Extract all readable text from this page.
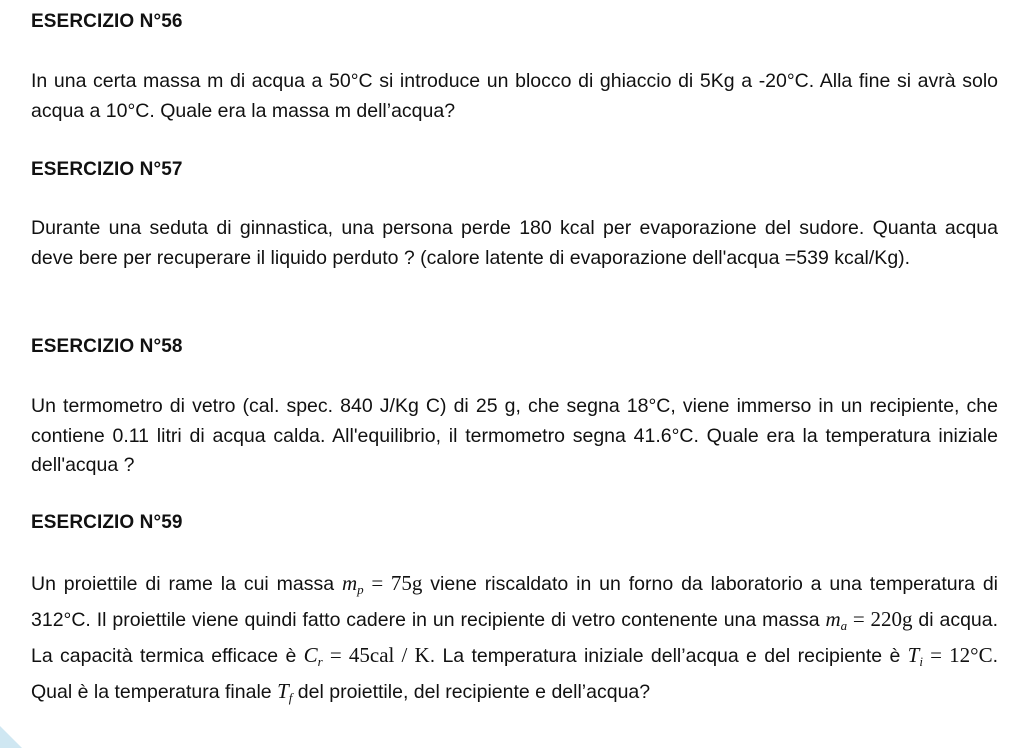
ESERCIZIO N°56
In una certa massa m di acqua a 50°C si introduce un blocco di ghiaccio di 5Kg a -20°C. Alla fine si avrà solo acqua a 10°C. Quale era la massa m dell’acqua?
ESERCIZIO N°57
Durante una seduta di ginnastica, una persona perde 180 kcal per evaporazione del sudore. Quanta acqua deve bere per recuperare il liquido perduto ? (calore latente di evaporazione dell'acqua =539 kcal/Kg).
ESERCIZIO N°58
Un termometro di vetro (cal. spec. 840 J/Kg C) di 25 g, che segna 18°C, viene immerso in un recipiente, che contiene 0.11 litri di acqua calda. All'equilibrio, il termometro segna 41.6°C. Quale era la temperatura iniziale dell'acqua ?
ESERCIZIO N°59
Un proiettile di rame la cui massa $m_p = 75g$ viene riscaldato in un forno da laboratorio a una temperatura di 312°C. Il proiettile viene quindi fatto cadere in un recipiente di vetro contenente una massa $m_a = 220g$ di acqua. La capacità termica efficace è $C_r = 45cal / K$. La temperatura iniziale dell’acqua e del recipiente è $T_i = 12^\circ C$. Qual è la temperatura finale $T_f$ del proiettile, del recipiente e dell’acqua?
